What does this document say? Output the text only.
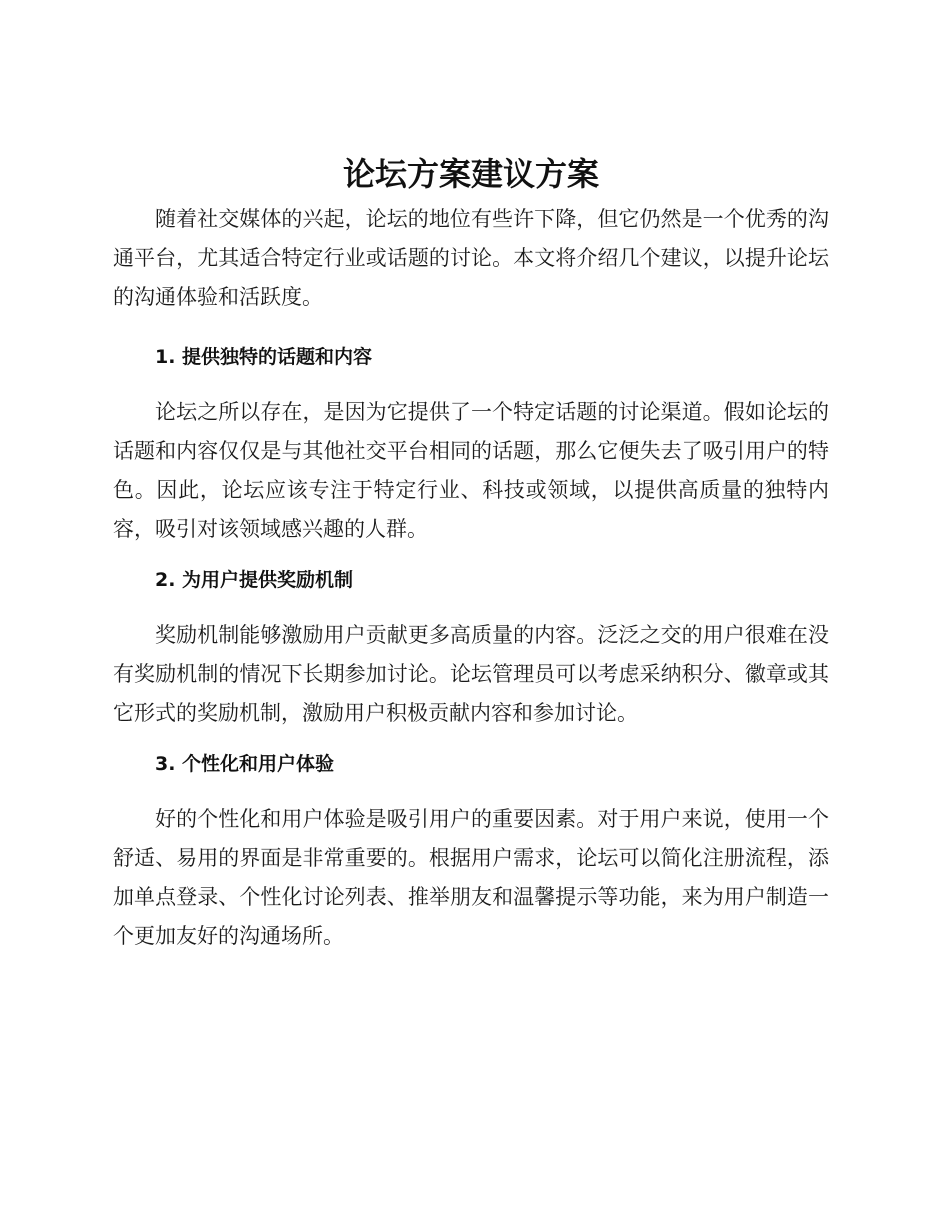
论坛方案建议方案

随着社交媒体的兴起，论坛的地位有些许下降，但它仍然是一个优秀的沟通平台，尤其适合特定行业或话题的讨论。本文将介绍几个建议，以提升论坛的沟通体验和活跃度。

1. 提供独特的话题和内容

论坛之所以存在，是因为它提供了一个特定话题的讨论渠道。假如论坛的话题和内容仅仅是与其他社交平台相同的话题，那么它便失去了吸引用户的特色。因此，论坛应该专注于特定行业、科技或领域，以提供高质量的独特内容，吸引对该领域感兴趣的人群。

2. 为用户提供奖励机制

奖励机制能够激励用户贡献更多高质量的内容。泛泛之交的用户很难在没有奖励机制的情况下长期参加讨论。论坛管理员可以考虑采纳积分、徽章或其它形式的奖励机制，激励用户积极贡献内容和参加讨论。

3. 个性化和用户体验

好的个性化和用户体验是吸引用户的重要因素。对于用户来说，使用一个舒适、易用的界面是非常重要的。根据用户需求，论坛可以简化注册流程，添加单点登录、个性化讨论列表、推举朋友和温馨提示等功能，来为用户制造一个更加友好的沟通场所。
